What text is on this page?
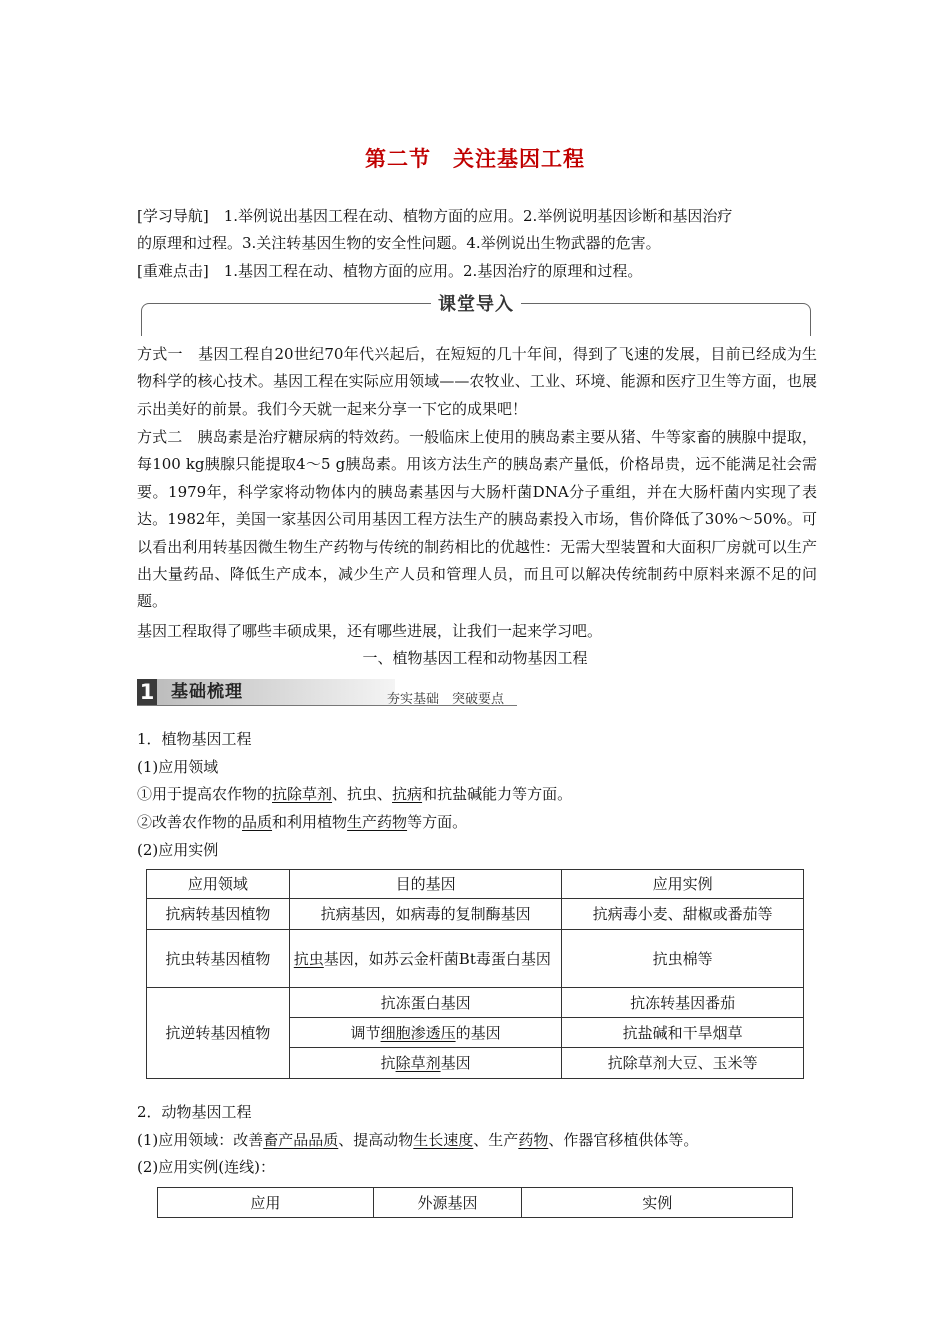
第二节　关注基因工程
[学习导航]　1.举例说出基因工程在动、植物方面的应用。2.举例说明基因诊断和基因治疗
的原理和过程。3.关注转基因生物的安全性问题。4.举例说出生物武器的危害。
[重难点击]　1.基因工程在动、植物方面的应用。2.基因治疗的原理和过程。
课堂导入
方式一　基因工程自20世纪70年代兴起后，在短短的几十年间，得到了飞速的发展，目前已经成为生物科学的核心技术。基因工程在实际应用领域——农牧业、工业、环境、能源和医疗卫生等方面，也展示出美好的前景。我们今天就一起来分享一下它的成果吧！
方式二　胰岛素是治疗糖尿病的特效药。一般临床上使用的胰岛素主要从猪、牛等家畜的胰腺中提取，每100 kg胰腺只能提取4～5 g胰岛素。用该方法生产的胰岛素产量低，价格昂贵，远不能满足社会需要。1979年，科学家将动物体内的胰岛素基因与大肠杆菌DNA分子重组，并在大肠杆菌内实现了表达。1982年，美国一家基因公司用基因工程方法生产的胰岛素投入市场，售价降低了30%～50%。可以看出利用转基因微生物生产药物与传统的制药相比的优越性：无需大型装置和大面积厂房就可以生产出大量药品、降低生产成本，减少生产人员和管理人员，而且可以解决传统制药中原料来源不足的问题。
基因工程取得了哪些丰硕成果，还有哪些进展，让我们一起来学习吧。
一、植物基因工程和动物基因工程
1 基础梳理	夯实基础　突破要点
1．植物基因工程
(1)应用领域
①用于提高农作物的抗除草剂、抗虫、抗病和抗盐碱能力等方面。
②改善农作物的品质和利用植物生产药物等方面。
(2)应用实例
应用领域	目的基因	应用实例
抗病转基因植物	抗病基因，如病毒的复制酶基因	抗病毒小麦、甜椒或番茄等
抗虫转基因植物	抗虫基因，如苏云金杆菌Bt毒蛋白基因	抗虫棉等
抗逆转基因植物	抗冻蛋白基因	抗冻转基因番茄
	调节细胞渗透压的基因	抗盐碱和干旱烟草
	抗除草剂基因	抗除草剂大豆、玉米等
2．动物基因工程
(1)应用领域：改善畜产品品质、提高动物生长速度、生产药物、作器官移植供体等。
(2)应用实例(连线)：
应用	外源基因	实例
